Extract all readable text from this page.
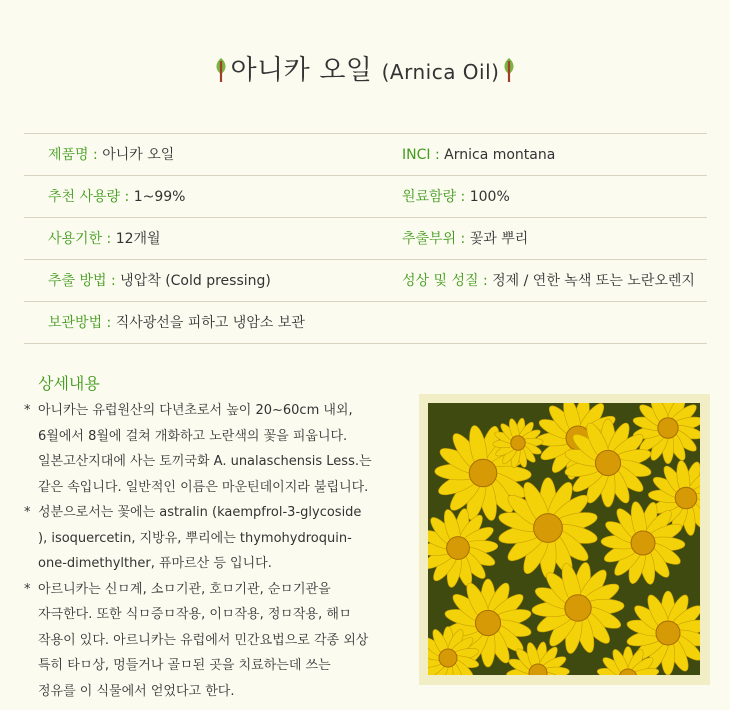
아니카 오일 (Arnica Oil)
제품명 : 아니카 오일	INCI : Arnica montana
추천 사용량 : 1~99%	원료함량 : 100%
사용기한 : 12개월	추출부위 : 꽃과 뿌리
추출 방법 : 냉압착 (Cold pressing)	성상 및 성질 : 정제 / 연한 녹색 또는 노란오렌지
보관방법 : 직사광선을 피하고 냉암소 보관
상세내용
* 아니카는 유럽원산의 다년초로서 높이 20~60cm 내외,
6월에서 8월에 걸쳐 개화하고 노란색의 꽃을 피웁니다.
일본고산지대에 사는 토끼국화 A. unalaschensis Less.는
같은 속입니다. 일반적인 이름은 마운틴데이지라 불립니다.
* 성분으로서는 꽃에는 astralin (kaempfrol-3-glycoside
), isoquercetin, 지방유, 뿌리에는 thymohydroquin-
one-dimethylther, 퓨마르산 등 입니다.
* 아르니카는 신ㅁ계, 소ㅁ기관, 호ㅁ기관, 순ㅁ기관을
자극한다. 또한 식ㅁ증ㅁ작용, 이ㅁ작용, 정ㅁ작용, 해ㅁ
작용이 있다. 아르니카는 유럽에서 민간요법으로 각종 외상
특히 타ㅁ상, 멍들거나 골ㅁ된 곳을 치료하는데 쓰는
정유를 이 식물에서 얻었다고 한다.
